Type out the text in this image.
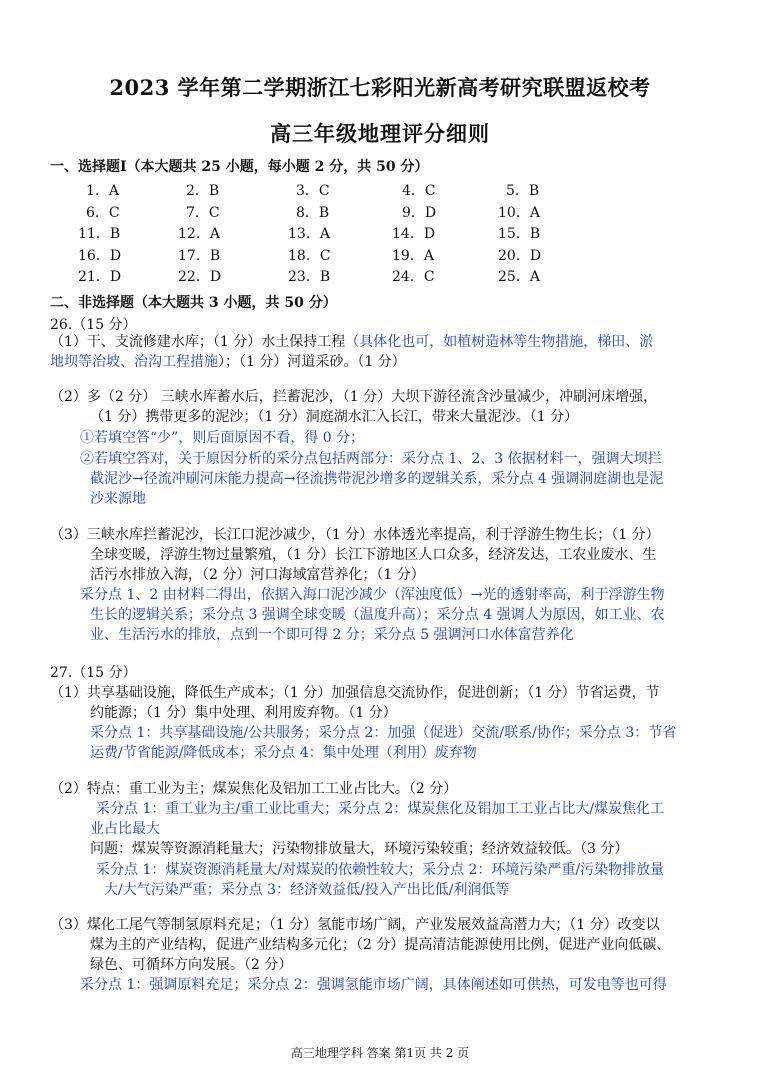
2023 学年第二学期浙江七彩阳光新高考研究联盟返校考
高三年级地理评分细则
一、选择题Ⅰ（本大题共 25 小题，每小题 2 分，共 50 分）
1．A	2．B	3．C	4．C	5．B
6．C	7．C	8．B	9．D	10．A
11．B	12．A	13．A	14．D	15．B
16．D	17．B	18．C	19．A	20．D
21．D	22．D	23．B	24．C	25．A
二、非选择题（本大题共 3 小题，共 50 分）
26.（15 分）
（1）干、支流修建水库；（1 分）水土保持工程（具体化也可，如植树造林等生物措施，梯田、淤
地坝等治坡、治沟工程措施）；（1 分）河道采砂。（1 分）
（2）多（2 分） 三峡水库蓄水后，拦蓄泥沙，（1 分）大坝下游径流含沙量减少，冲刷河床增强，
（1 分）携带更多的泥沙；（1 分）洞庭湖水汇入长江，带来大量泥沙。（1 分）
①若填空答“少”，则后面原因不看，得 0 分；
②若填空答对，关于原因分析的采分点包括两部分：采分点 1、2、3 依据材料一，强调大坝拦
截泥沙→径流冲刷河床能力提高→径流携带泥沙增多的逻辑关系，采分点 4 强调洞庭湖也是泥
沙来源地
（3）三峡水库拦蓄泥沙，长江口泥沙减少，（1 分）水体透光率提高，利于浮游生物生长；（1 分）
全球变暖，浮游生物过量繁殖，（1 分）长江下游地区人口众多，经济发达，工农业废水、生
活污水排放入海，（2 分）河口海域富营养化；（1 分）
采分点 1、2 由材料二得出，依据入海口泥沙减少（浑浊度低）→光的透射率高，利于浮游生物
生长的逻辑关系；采分点 3 强调全球变暖（温度升高）；采分点 4 强调人为原因，如工业、农
业、生活污水的排放，点到一个即可得 2 分；采分点 5 强调河口水体富营养化
27.（15 分）
（1）共享基础设施，降低生产成本；（1 分）加强信息交流协作，促进创新；（1 分）节省运费，节
约能源；（1 分）集中处理、利用废弃物。（1 分）
采分点 1：共享基础设施/公共服务；采分点 2：加强（促进）交流/联系/协作；采分点 3：节省
运费/节省能源/降低成本；采分点 4：集中处理（利用）废弃物
（2）特点：重工业为主；煤炭焦化及铝加工工业占比大。（2 分）
采分点 1：重工业为主/重工业比重大；采分点 2：煤炭焦化及铝加工工业占比大/煤炭焦化工
业占比最大
问题：煤炭等资源消耗量大；污染物排放量大，环境污染较重；经济效益较低。（3 分）
采分点 1：煤炭资源消耗量大/对煤炭的依赖性较大；采分点 2：环境污染严重/污染物排放量
大/大气污染严重；采分点 3：经济效益低/投入产出比低/利润低等
（3）煤化工尾气等制氢原料充足；（1 分）氢能市场广阔，产业发展效益高潜力大；（1 分）改变以
煤为主的产业结构，促进产业结构多元化；（2 分）提高清洁能源使用比例，促进产业向低碳、
绿色、可循环方向发展。（2 分）
采分点 1：强调原料充足；采分点 2：强调氢能市场广阔，具体阐述如可供热，可发电等也可得
高三地理学科 答案 第1页 共 2 页
